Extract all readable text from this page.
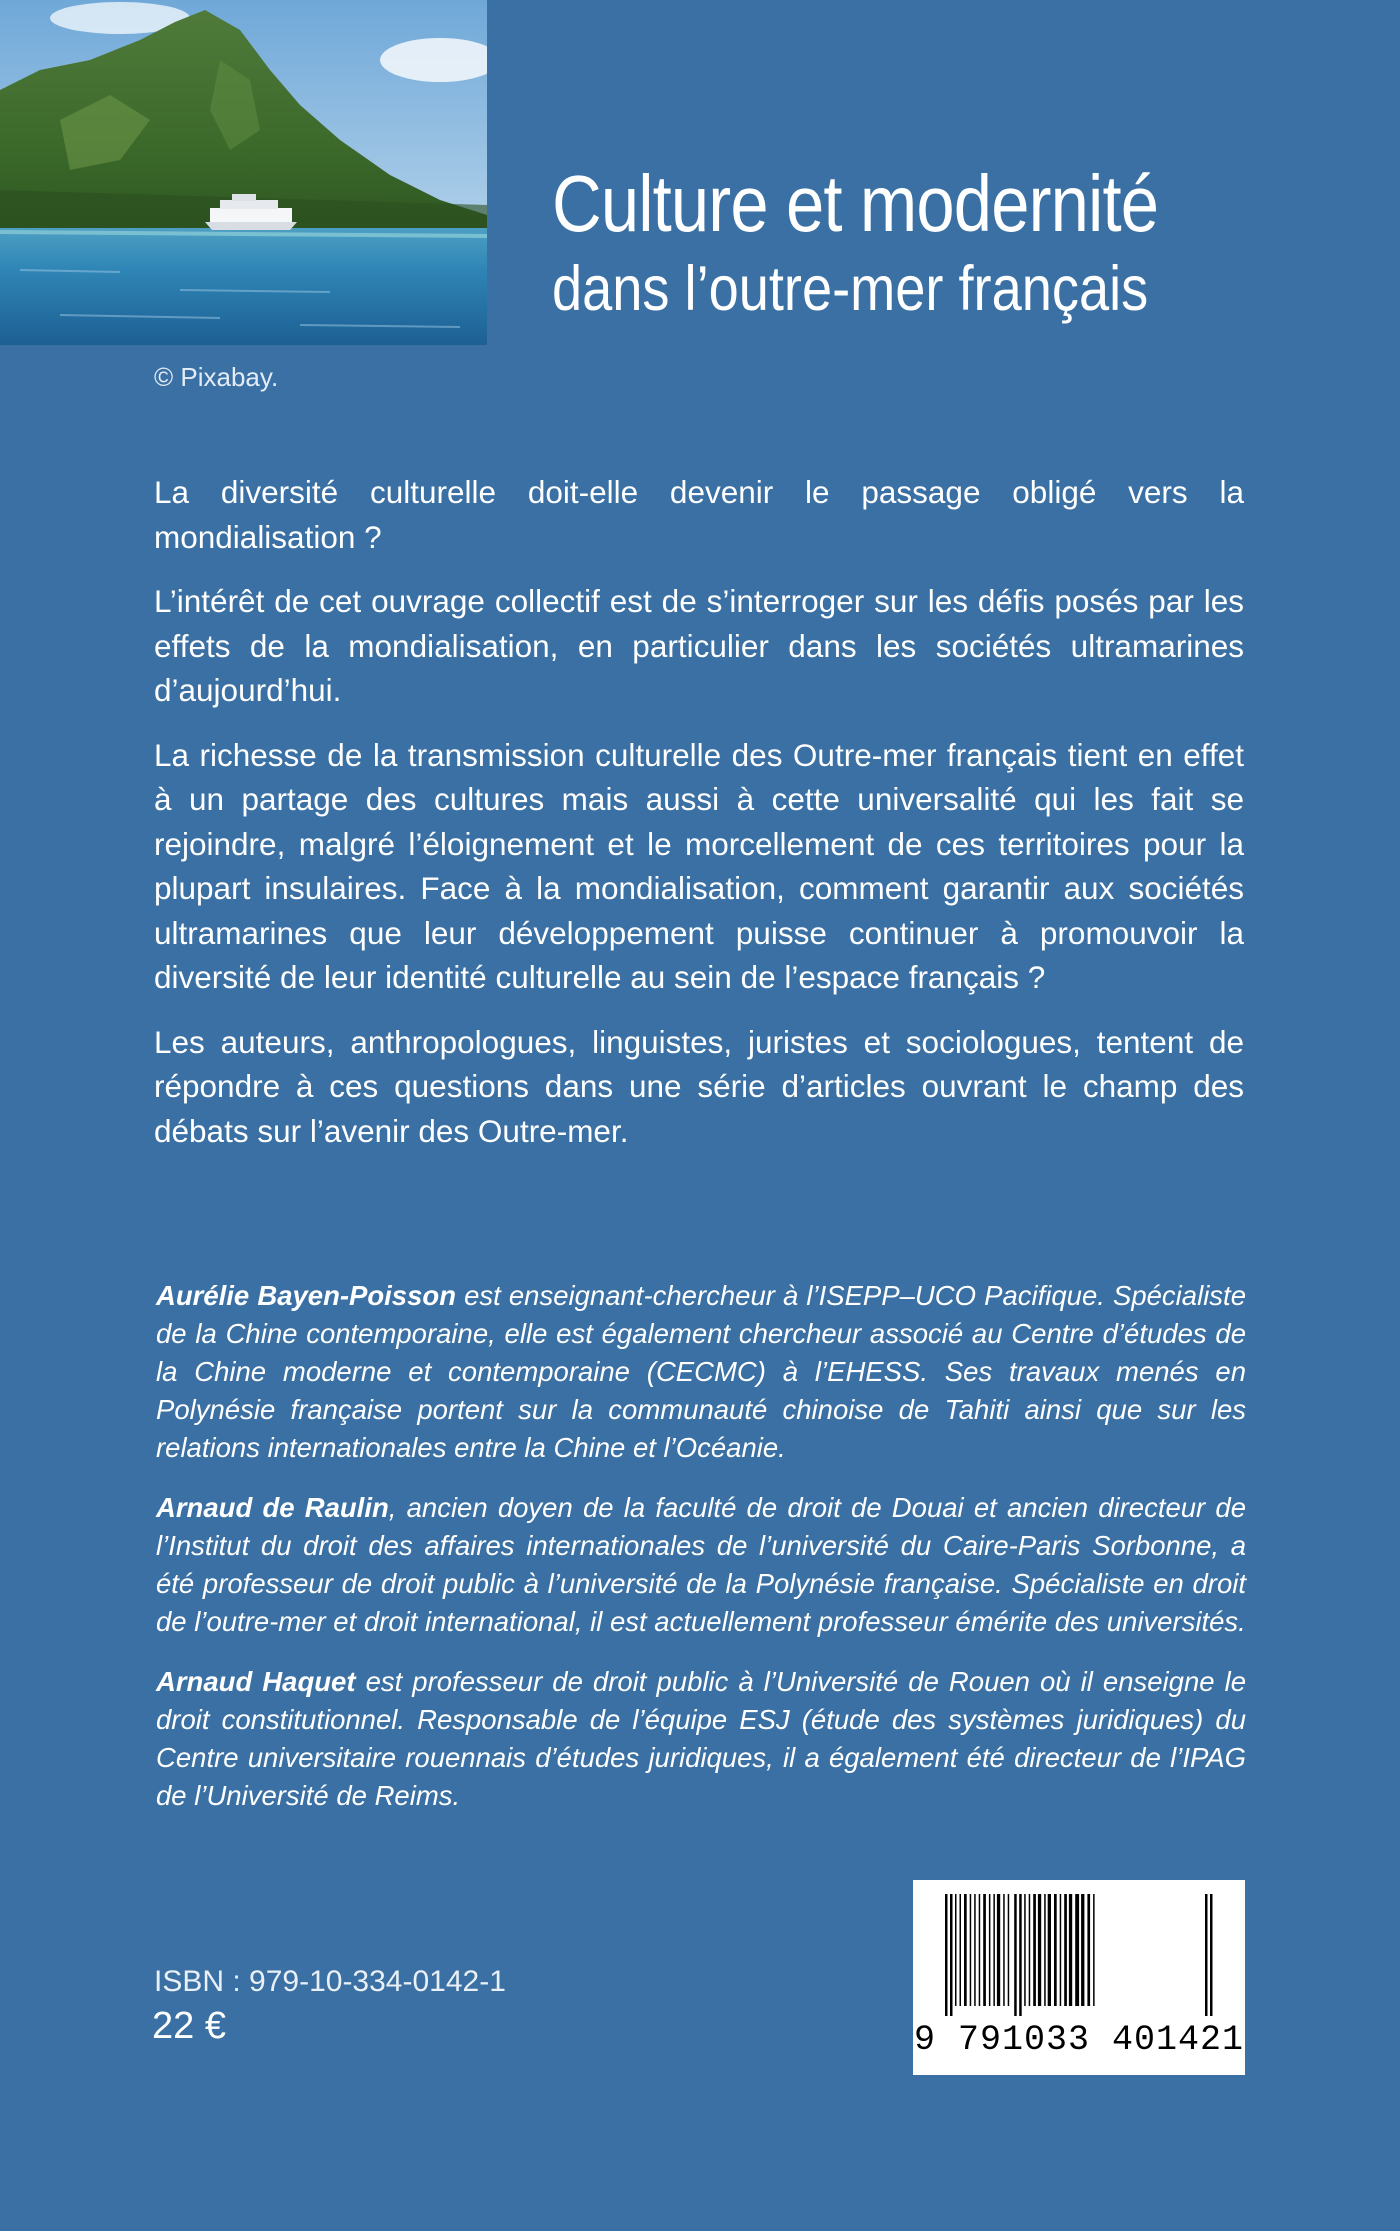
© Pixabay.
Culture et modernité
dans l’outre-mer français

La diversité culturelle doit-elle devenir le passage obligé vers la mondialisation ?

L’intérêt de cet ouvrage collectif est de s’interroger sur les défis posés par les effets de la mondialisation, en particulier dans les sociétés ultramarines d’aujourd’hui.

La richesse de la transmission culturelle des Outre-mer français tient en effet à un partage des cultures mais aussi à cette universalité qui les fait se rejoindre, malgré l’éloignement et le morcellement de ces territoires pour la plupart insulaires. Face à la mondialisation, comment garantir aux sociétés ultramarines que leur développement puisse continuer à promouvoir la diversité de leur identité culturelle au sein de l’espace français ?

Les auteurs, anthropologues, linguistes, juristes et sociologues, tentent de répondre à ces questions dans une série d’articles ouvrant le champ des débats sur l’avenir des Outre-mer.

Aurélie Bayen-Poisson est enseignant-chercheur à l’ISEPP–UCO Pacifique. Spécialiste de la Chine contemporaine, elle est également chercheur associé au Centre d’études de la Chine moderne et contemporaine (CECMC) à l’EHESS. Ses travaux menés en Polynésie française portent sur la communauté chinoise de Tahiti ainsi que sur les relations internationales entre la Chine et l’Océanie.

Arnaud de Raulin, ancien doyen de la faculté de droit de Douai et ancien directeur de l’Institut du droit des affaires internationales de l’université du Caire-Paris Sorbonne, a été professeur de droit public à l’université de la Polynésie française. Spécialiste en droit de l’outre-mer et droit international, il est actuellement professeur émérite des universités.

Arnaud Haquet est professeur de droit public à l’Université de Rouen où il enseigne le droit constitutionnel. Responsable de l’équipe ESJ (étude des systèmes juridiques) du Centre universitaire rouennais d’études juridiques, il a également été directeur de l’IPAG de l’Université de Reims.

ISBN : 979-10-334-0142-1
22 €	9 791033 401421
